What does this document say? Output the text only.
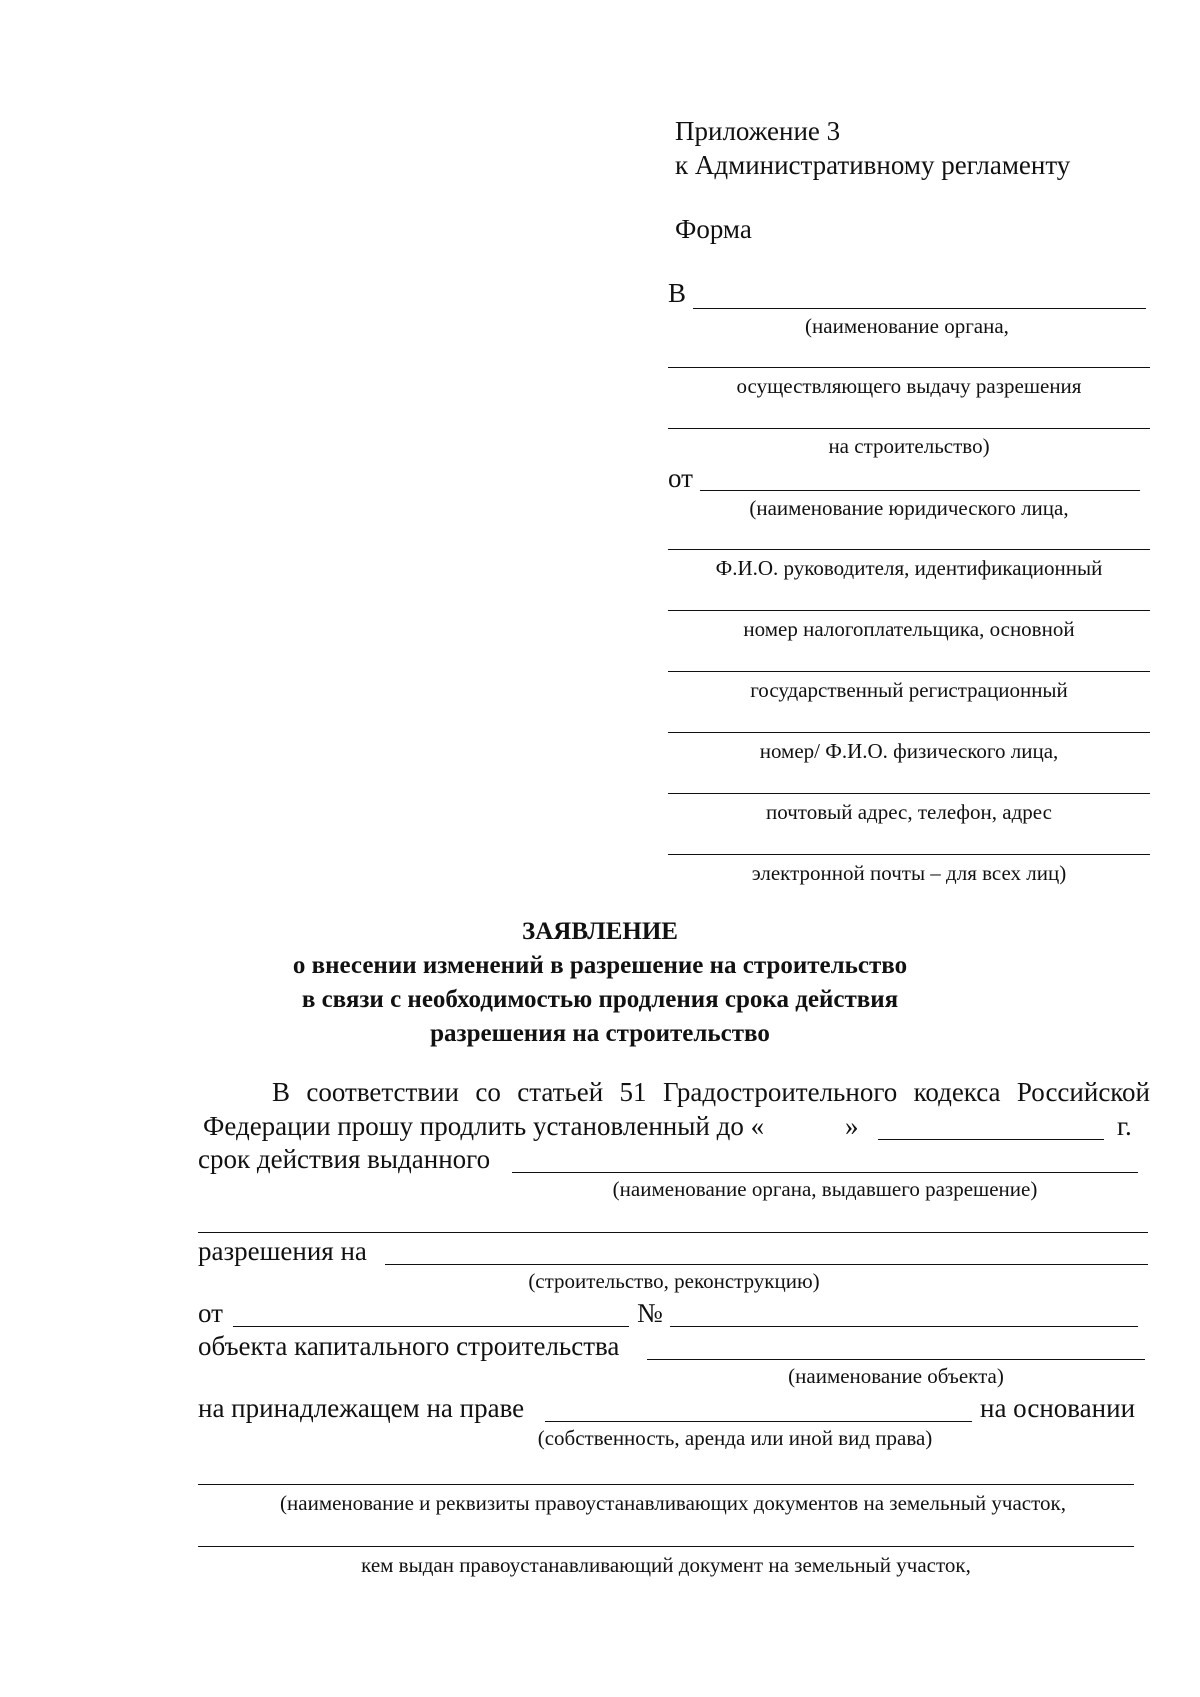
Приложение 3
к Административному регламенту
Форма
В
(наименование органа,
осуществляющего выдачу разрешения
на строительство)
от
(наименование юридического лица,
Ф.И.О. руководителя, идентификационный
номер налогоплательщика, основной
государственный регистрационный
номер/ Ф.И.О. физического лица,
почтовый адрес, телефон, адрес
электронной почты – для всех лиц)
ЗАЯВЛЕНИЕ
о внесении изменений в разрешение на строительство
в связи с необходимостью продления срока действия
разрешения на строительство
В соответствии со статьей 51 Градостроительного кодекса Российской
Федерации прошу продлить установленный до «	»	г.
срок действия выданного
(наименование органа, выдавшего разрешение)
разрешения на
(строительство, реконструкцию)
от	№
объекта капитального строительства
(наименование объекта)
на принадлежащем на праве	на основании
(собственность, аренда или иной вид права)
(наименование и реквизиты правоустанавливающих документов на земельный участок,
кем выдан правоустанавливающий документ на земельный участок,
